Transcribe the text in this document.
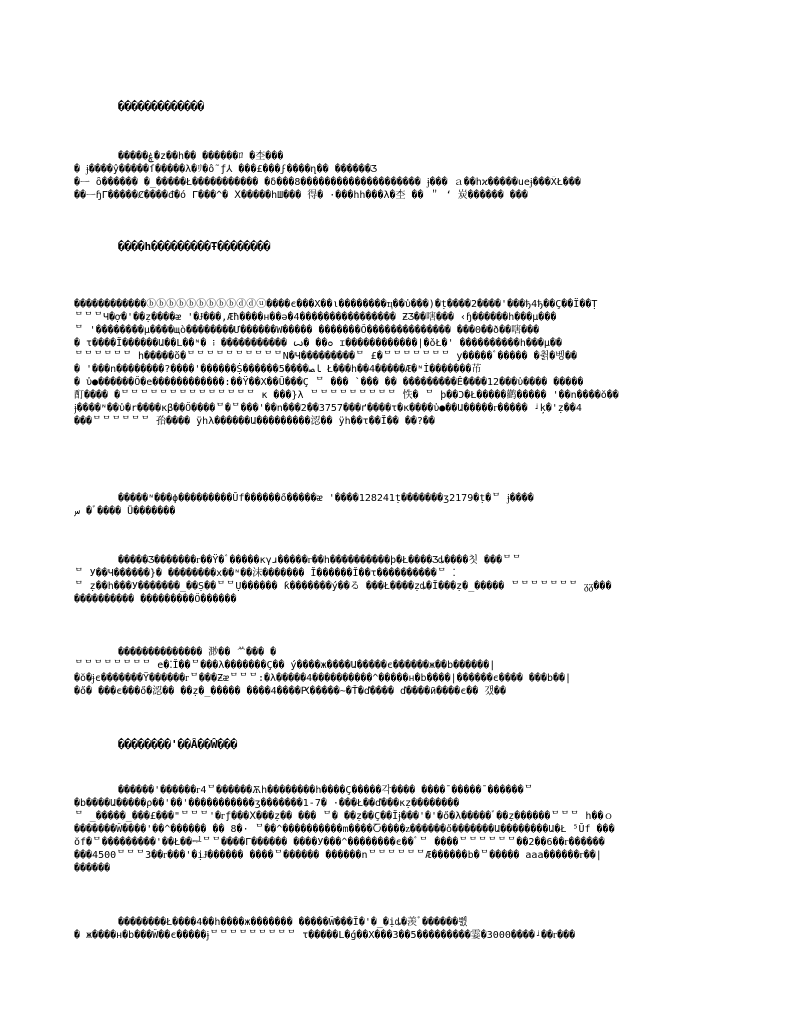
�������������
�����ۼ�z��h�� ������ﾛ �杢���
� ɉ����ŷ�����ſ�����λ�ﾘ�ỗ ƒ⅄ ���£���ϝ����ղ�� ������Ʒ
�ᅳ ȏ������ �_�����Ł����������� �ẟ���8�������������������� ɉ��� ａ��hϰ�����uеɉ���X̄Ł���
��ᅳɧΓ�����Ȼ����đ�ó Γ���^� Ⅹ�����hШ��� 得� ·���hh���λ�杢 �� ＂ ‘ 炭������ ���
����h���������Ŧ��������
������������ⓑⓑⓑⓑⓑⓑⓑⓑⓑⓓⓓⓤ����є���Χ��ι��������ҵ��ὑ���)�ṭ����2����'���ђ4ђ��Ç��Ϊ��Ṭ
ᄆᄆᄆЧ�ợ�'��ẓ����ᴂ '�Ɉ���,Æħ����н��ә�4���������������� ƵƷ��嗐��� ‹ɧ������h���μ���
ᄆ '��������μ����щò��������Ư������W����� �������Ő�������������� ���Θ��ð��嗐���
� τ����Ĭ������Ա��L��ᶰ� ፧ ����������� ꙍ� ��ߋ ɪ������������|�ǒŁ�' ����������h���μ��
ᄆᄆᄆᄆᄆᄆ h�����ὄ�ᄆᄆᄆᄆᄆᄆᄆᄆᄆᄆΝ�Ч���������ᄆ £�ᄆᄆᄆᄆᄆᄆᄆ y�����ﾞ����� �췱�벵��
� '���n��������?����'������Ṩ������5����ﺎﺼ Ł���h��4�����Æ�ᶰİ�������芇
� ὑ●������Ő�e������������:��Ÿ��Χ��Ȗ���Ç ᄆ ��� `��� �� ���������Ễ����12���ὑ���� �����
酊���� �ᄆᄆᄆᄆᄆᄆᄆᄆᄆᄆᄆᄆᄆᄆ κ ���}λ ᄆᄆᄆᄆᄆᄆᄆᄆᄆ 怢� ᄆ þ��Ɔ�Ł�����鹳����� '��n����ŏ��
ɉ����ᶰ��ὑ�r����κβ��Ő����ᄆ�ᄆ���'��n���2��3757���ґ����τ�κ����ὑ●��Ա�����ᴦ����� ᶨķ�'ẓ��4
���ᄆᄆᄆᄆᄆᄆ 孡���� ÿhλ������Ա���������涊�� ÿh��τ��Ĭ�� ��?��
�����ᶰ���ϕ���������Ŭf������ő�����ᴂ '����128241ṭ�������ʒ2179�ṭ�ᄆ ɉ����
ﺱ �ﾞ���� Ǚ�������
�����Ʒ�������ᴦ��Ÿ�ﾞ�����κγɹ�����ᴦ��h����������þ�Ł����Ʒȡ����칫 ���ᄆᄆ
ᄆ У��Ч������}� ��������x��ᶰ��沫������� Ĭ������Ĭ��τ����������ᄆ ⁚
ᄆ ẓ��h���У�������_��Ṣ��ᄆᄆỤ������ ƙ�������ý��る ���Ł����ẓȡ�Ĭ���ẓ�_����� ᄆᄆᄆᄆᄆᄆᄆ ᵹᵹ���
���������� ���������Ő������
�������������� 渺�� ᄊ��� �
ᄆᄆᄆᄆᄆᄆᄆᄆ e�⁚Ĭ��ᄆ���λ�������Ç�� ý����ж����Ա�����є������ж��b������|
�ŏ�ɉє�������Ÿ������ᴦᄆ���Ƶᴂᄆᄆᄆ:�λ�����4����������^�����н�b����|������є���� ���b��|
�ő� ���є���ő�涊�� ��ẓ�_����� ����4����Ԗ�����~�Ť�ď���� ď����ӣ����є�� 갰��
��������'��Ȃ��Ŵ���
������'������ᴦ4ᄆ������Ѫh��������h����Ç�����각���� ����¯�����¯������ᄆ
�b����Ա�����ρ��'��'�����������ʒ�������1-7� ·���Ł��ď���κẓ��������
ᄆ _�����_���£���"ᄆᄆᄆ'�ᴦƒ���Ⅹ���ẓ�� ��� ᄆ� ��ẓ��Ç��Ĭɉ���'�'�ő�λ�����ﾞ��ẓ������ᄆᄆᄆ h��ｏ
�������Ŵ����'��^������ �� 8�· ᄆ��^����������m����Ⴀ����ᴢ������ő�������Ա��������Ա�Ł ⁵Ŭf ���
ŏf�ᄆ���������'��Ł��ᆗᄆᄆ����Γ������ ����У���^��������є��ﾞᄆ ����ᄆᄆᄆᄆᄆᄆ��2��6��ᴦ������
���4500ᄆᄆᄆ3��ᴦ���'�ịɈ������ ����ᄆ������ ������nᄆᄆᄆᄆᄆᄆÆ������b�ᄆ����� aaa������ᴦ��|
������
��������Ł����4��h����ж������� �����Ŵ���Ĭ�'�_�ịȡ�羡ﾞ������쀬
� ж����н�b���Ŵ��є�����ɉᄆᄆᄆᄆᄆᄆᄆᄆᄆ τ�����L�ǵ��Χ���3��5���������霎�3000����ᶨ��ᴦ���
